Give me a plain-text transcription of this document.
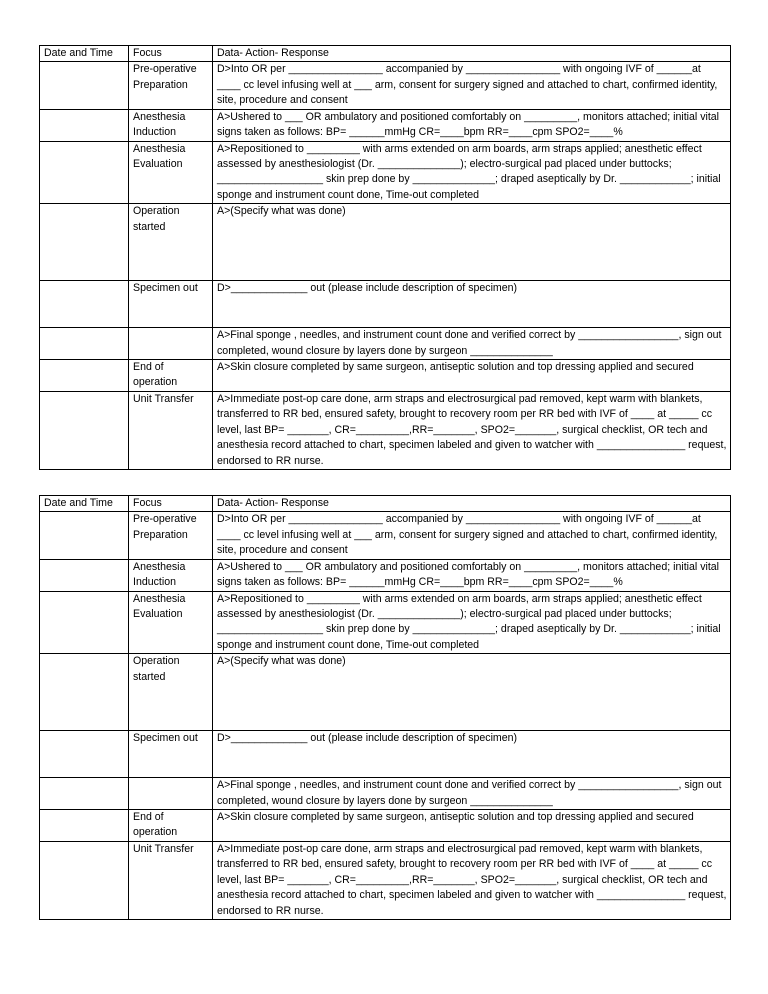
Date and Time	Focus	Data- Action- Response
	Pre-operative Preparation	D>Into OR per ________________ accompanied by ________________ with ongoing IVF of ______at ____ cc level infusing well at ___ arm, consent for surgery signed and attached to chart, confirmed identity, site, procedure and consent
	Anesthesia Induction	A>Ushered to ___ OR ambulatory and positioned comfortably on _________, monitors attached; initial vital signs taken as follows: BP= ______mmHg CR=____bpm RR=____cpm SPO2=____%
	Anesthesia Evaluation	A>Repositioned to _________ with arms extended on arm boards, arm straps applied; anesthetic effect assessed by anesthesiologist (Dr. ______________); electro-surgical pad placed under buttocks; __________________ skin prep done by ______________; draped aseptically by Dr. ____________; initial sponge and instrument count done, Time-out completed
	Operation started	A>(Specify what was done)
	Specimen out	D>_____________ out (please include description of specimen)
		A>Final sponge , needles, and instrument count done and verified correct by _________________, sign out completed, wound closure by layers done by surgeon ______________
	End of operation	A>Skin closure completed by same surgeon, antiseptic solution and top dressing applied and secured
	Unit Transfer	A>Immediate post-op care done, arm straps and electrosurgical pad removed, kept warm with blankets, transferred to RR bed, ensured safety, brought to recovery room per RR bed with IVF of ____ at _____ cc level, last BP= _______, CR=_________,RR=_______, SPO2=_______, surgical checklist, OR tech and anesthesia record attached to chart, specimen labeled and given to watcher with _______________ request, endorsed to RR nurse.
Date and Time	Focus	Data- Action- Response
	Pre-operative Preparation	D>Into OR per ________________ accompanied by ________________ with ongoing IVF of ______at ____ cc level infusing well at ___ arm, consent for surgery signed and attached to chart, confirmed identity, site, procedure and consent
	Anesthesia Induction	A>Ushered to ___ OR ambulatory and positioned comfortably on _________, monitors attached; initial vital signs taken as follows: BP= ______mmHg CR=____bpm RR=____cpm SPO2=____%
	Anesthesia Evaluation	A>Repositioned to _________ with arms extended on arm boards, arm straps applied; anesthetic effect assessed by anesthesiologist (Dr. ______________); electro-surgical pad placed under buttocks; __________________ skin prep done by ______________; draped aseptically by Dr. ____________; initial sponge and instrument count done, Time-out completed
	Operation started	A>(Specify what was done)
	Specimen out	D>_____________ out (please include description of specimen)
		A>Final sponge , needles, and instrument count done and verified correct by _________________, sign out completed, wound closure by layers done by surgeon ______________
	End of operation	A>Skin closure completed by same surgeon, antiseptic solution and top dressing applied and secured
	Unit Transfer	A>Immediate post-op care done, arm straps and electrosurgical pad removed, kept warm with blankets, transferred to RR bed, ensured safety, brought to recovery room per RR bed with IVF of ____ at _____ cc level, last BP= _______, CR=_________,RR=_______, SPO2=_______, surgical checklist, OR tech and anesthesia record attached to chart, specimen labeled and given to watcher with _______________ request, endorsed to RR nurse.
